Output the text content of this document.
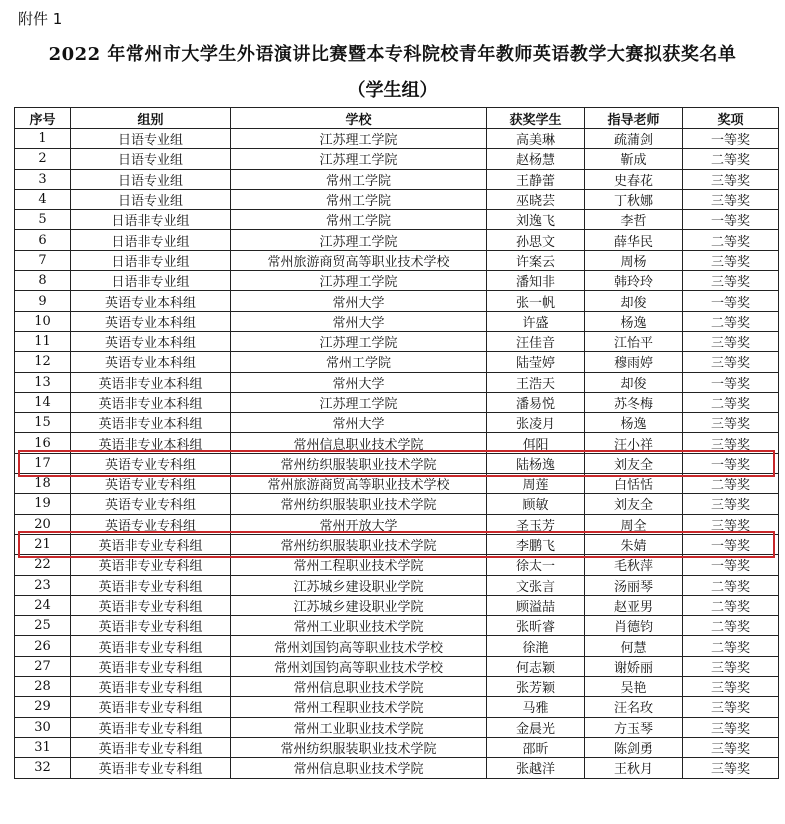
附件 1
2022 年常州市大学生外语演讲比赛暨本专科院校青年教师英语教学大赛拟获奖名单
（学生组）
序号	组别	学校	获奖学生	指导老师	奖项
1	日语专业组	江苏理工学院	高美琳	疏蒲剑	一等奖
2	日语专业组	江苏理工学院	赵杨慧	靳成	二等奖
3	日语专业组	常州工学院	王静蕾	史春花	三等奖
4	日语专业组	常州工学院	巫晓芸	丁秋娜	三等奖
5	日语非专业组	常州工学院	刘逸飞	李哲	一等奖
6	日语非专业组	江苏理工学院	孙思文	薛华民	二等奖
7	日语非专业组	常州旅游商贸高等职业技术学校	许案云	周杨	三等奖
8	日语非专业组	江苏理工学院	潘知非	韩玲玲	三等奖
9	英语专业本科组	常州大学	张一帆	却俊	一等奖
10	英语专业本科组	常州大学	许盛	杨逸	二等奖
11	英语专业本科组	江苏理工学院	汪佳音	江怡平	三等奖
12	英语专业本科组	常州工学院	陆莹婷	穆雨婷	三等奖
13	英语非专业本科组	常州大学	王浩天	却俊	一等奖
14	英语非专业本科组	江苏理工学院	潘易悦	苏冬梅	二等奖
15	英语非专业本科组	常州大学	张凌月	杨逸	三等奖
16	英语非专业本科组	常州信息职业技术学院	佴阳	汪小祥	三等奖
17	英语专业专科组	常州纺织服装职业技术学院	陆杨逸	刘友全	一等奖
18	英语专业专科组	常州旅游商贸高等职业技术学校	周莲	白恬恬	二等奖
19	英语专业专科组	常州纺织服装职业技术学院	顾敏	刘友全	三等奖
20	英语专业专科组	常州开放大学	圣玉芳	周全	三等奖
21	英语非专业专科组	常州纺织服装职业技术学院	李鹏飞	朱婧	一等奖
22	英语非专业专科组	常州工程职业技术学院	徐太一	毛秋萍	一等奖
23	英语非专业专科组	江苏城乡建设职业学院	文张言	汤丽琴	二等奖
24	英语非专业专科组	江苏城乡建设职业学院	顾溢喆	赵亚男	二等奖
25	英语非专业专科组	常州工业职业技术学院	张昕睿	肖德钧	二等奖
26	英语非专业专科组	常州刘国钧高等职业技术学校	徐滟	何慧	二等奖
27	英语非专业专科组	常州刘国钧高等职业技术学校	何志颖	谢娇丽	三等奖
28	英语非专业专科组	常州信息职业技术学院	张芳颖	吴艳	三等奖
29	英语非专业专科组	常州工程职业技术学院	马雅	汪名玫	三等奖
30	英语非专业专科组	常州工业职业技术学院	金晨光	方玉琴	三等奖
31	英语非专业专科组	常州纺织服装职业技术学院	邵昕	陈剑勇	三等奖
32	英语非专业专科组	常州信息职业技术学院	张越洋	王秋月	三等奖
